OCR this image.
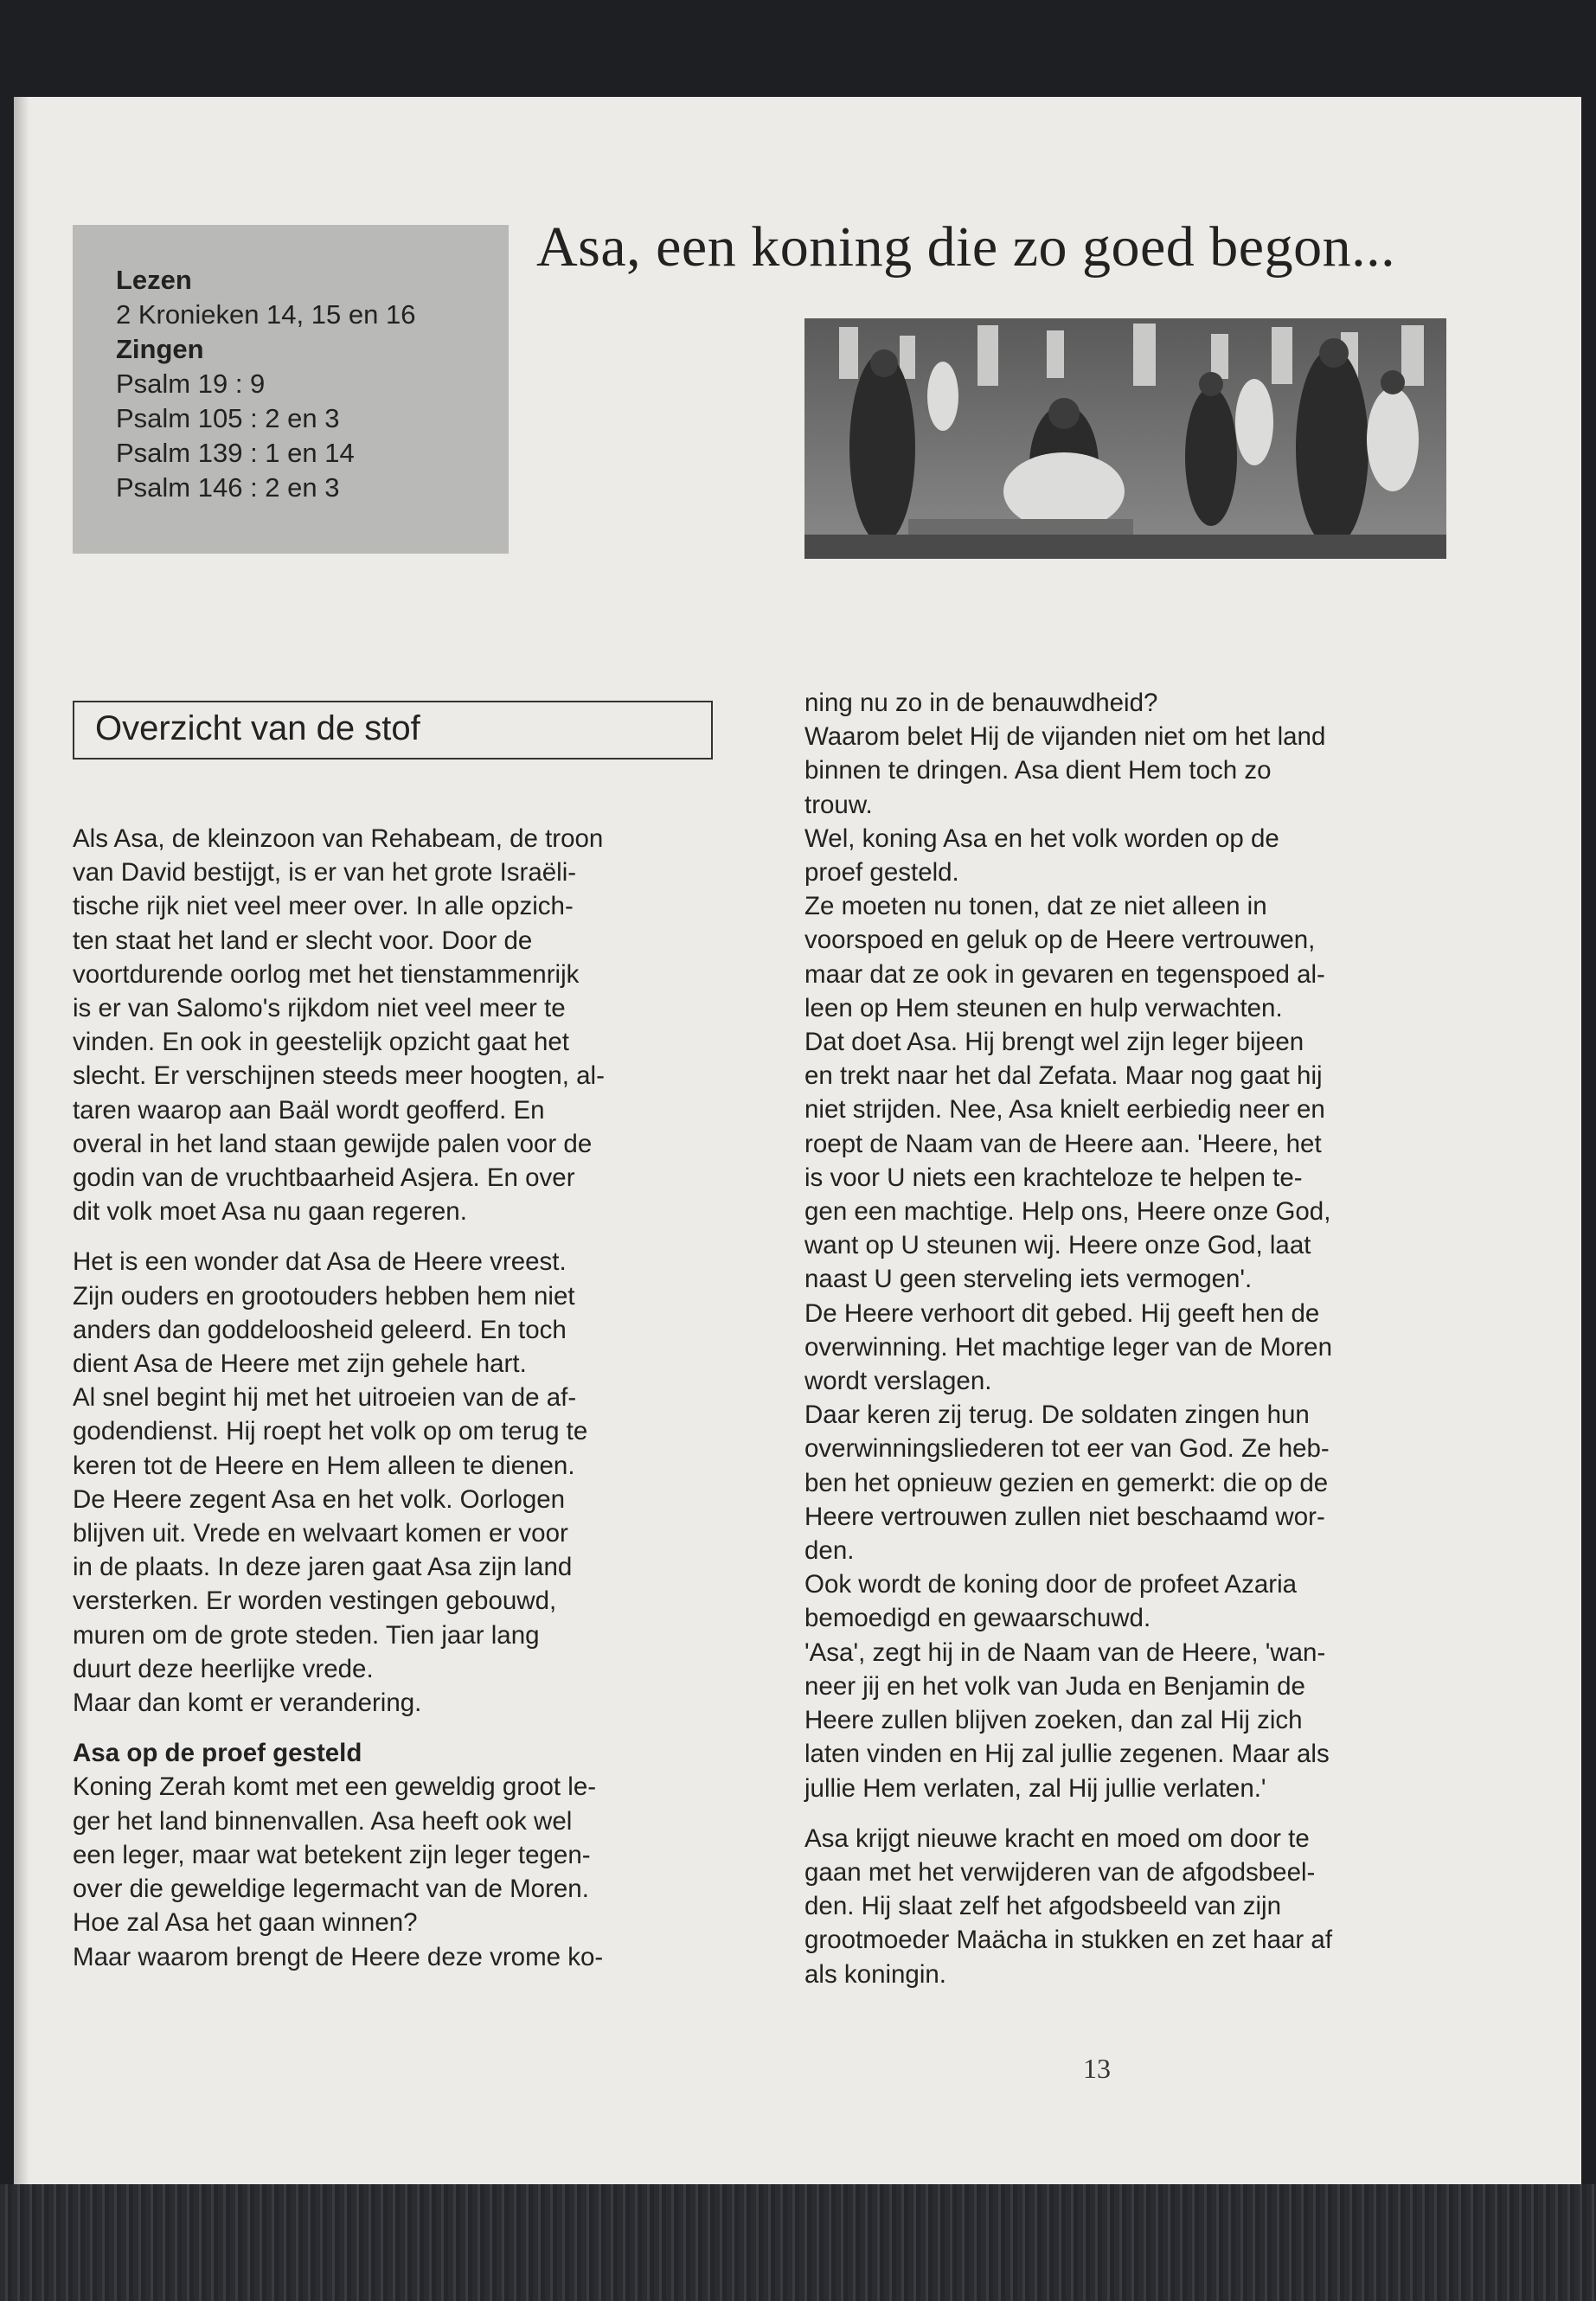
Lezen
2 Kronieken 14, 15 en 16
Zingen
Psalm 19 : 9
Psalm 105 : 2 en 3
Psalm 139 : 1 en 14
Psalm 146 : 2 en 3
Asa, een koning die zo goed begon...
Overzicht van de stof

Als Asa, de kleinzoon van Rehabeam, de troon

van David bestijgt, is er van het grote Israëli-

tische rijk niet veel meer over. In alle opzich-

ten staat het land er slecht voor. Door de

voortdurende oorlog met het tienstammenrijk

is er van Salomo's rijkdom niet veel meer te

vinden. En ook in geestelijk opzicht gaat het

slecht. Er verschijnen steeds meer hoogten, al-

taren waarop aan Baäl wordt geofferd. En

overal in het land staan gewijde palen voor de

godin van de vruchtbaarheid Asjera. En over

dit volk moet Asa nu gaan regeren.

Het is een wonder dat Asa de Heere vreest.

Zijn ouders en grootouders hebben hem niet

anders dan goddeloosheid geleerd. En toch

dient Asa de Heere met zijn gehele hart.

Al snel begint hij met het uitroeien van de af-

godendienst. Hij roept het volk op om terug te

keren tot de Heere en Hem alleen te dienen.

De Heere zegent Asa en het volk. Oorlogen

blijven uit. Vrede en welvaart komen er voor

in de plaats. In deze jaren gaat Asa zijn land

versterken. Er worden vestingen gebouwd,

muren om de grote steden. Tien jaar lang

duurt deze heerlijke vrede.

Maar dan komt er verandering.

Asa op de proef gesteld

Koning Zerah komt met een geweldig groot le-

ger het land binnenvallen. Asa heeft ook wel

een leger, maar wat betekent zijn leger tegen-

over die geweldige legermacht van de Moren.

Hoe zal Asa het gaan winnen?

Maar waarom brengt de Heere deze vrome ko-

ning nu zo in de benauwdheid?

Waarom belet Hij de vijanden niet om het land

binnen te dringen. Asa dient Hem toch zo

trouw.

Wel, koning Asa en het volk worden op de

proef gesteld.

Ze moeten nu tonen, dat ze niet alleen in

voorspoed en geluk op de Heere vertrouwen,

maar dat ze ook in gevaren en tegenspoed al-

leen op Hem steunen en hulp verwachten.

Dat doet Asa. Hij brengt wel zijn leger bijeen

en trekt naar het dal Zefata. Maar nog gaat hij

niet strijden. Nee, Asa knielt eerbiedig neer en

roept de Naam van de Heere aan. 'Heere, het

is voor U niets een krachteloze te helpen te-

gen een machtige. Help ons, Heere onze God,

want op U steunen wij. Heere onze God, laat

naast U geen sterveling iets vermogen'.

De Heere verhoort dit gebed. Hij geeft hen de

overwinning. Het machtige leger van de Moren

wordt verslagen.

Daar keren zij terug. De soldaten zingen hun

overwinningsliederen tot eer van God. Ze heb-

ben het opnieuw gezien en gemerkt: die op de

Heere vertrouwen zullen niet beschaamd wor-

den.

Ook wordt de koning door de profeet Azaria

bemoedigd en gewaarschuwd.

'Asa', zegt hij in de Naam van de Heere, 'wan-

neer jij en het volk van Juda en Benjamin de

Heere zullen blijven zoeken, dan zal Hij zich

laten vinden en Hij zal jullie zegenen. Maar als

jullie Hem verlaten, zal Hij jullie verlaten.'

Asa krijgt nieuwe kracht en moed om door te

gaan met het verwijderen van de afgodsbeel-

den. Hij slaat zelf het afgodsbeeld van zijn

grootmoeder Maächa in stukken en zet haar af

als koningin.

13
